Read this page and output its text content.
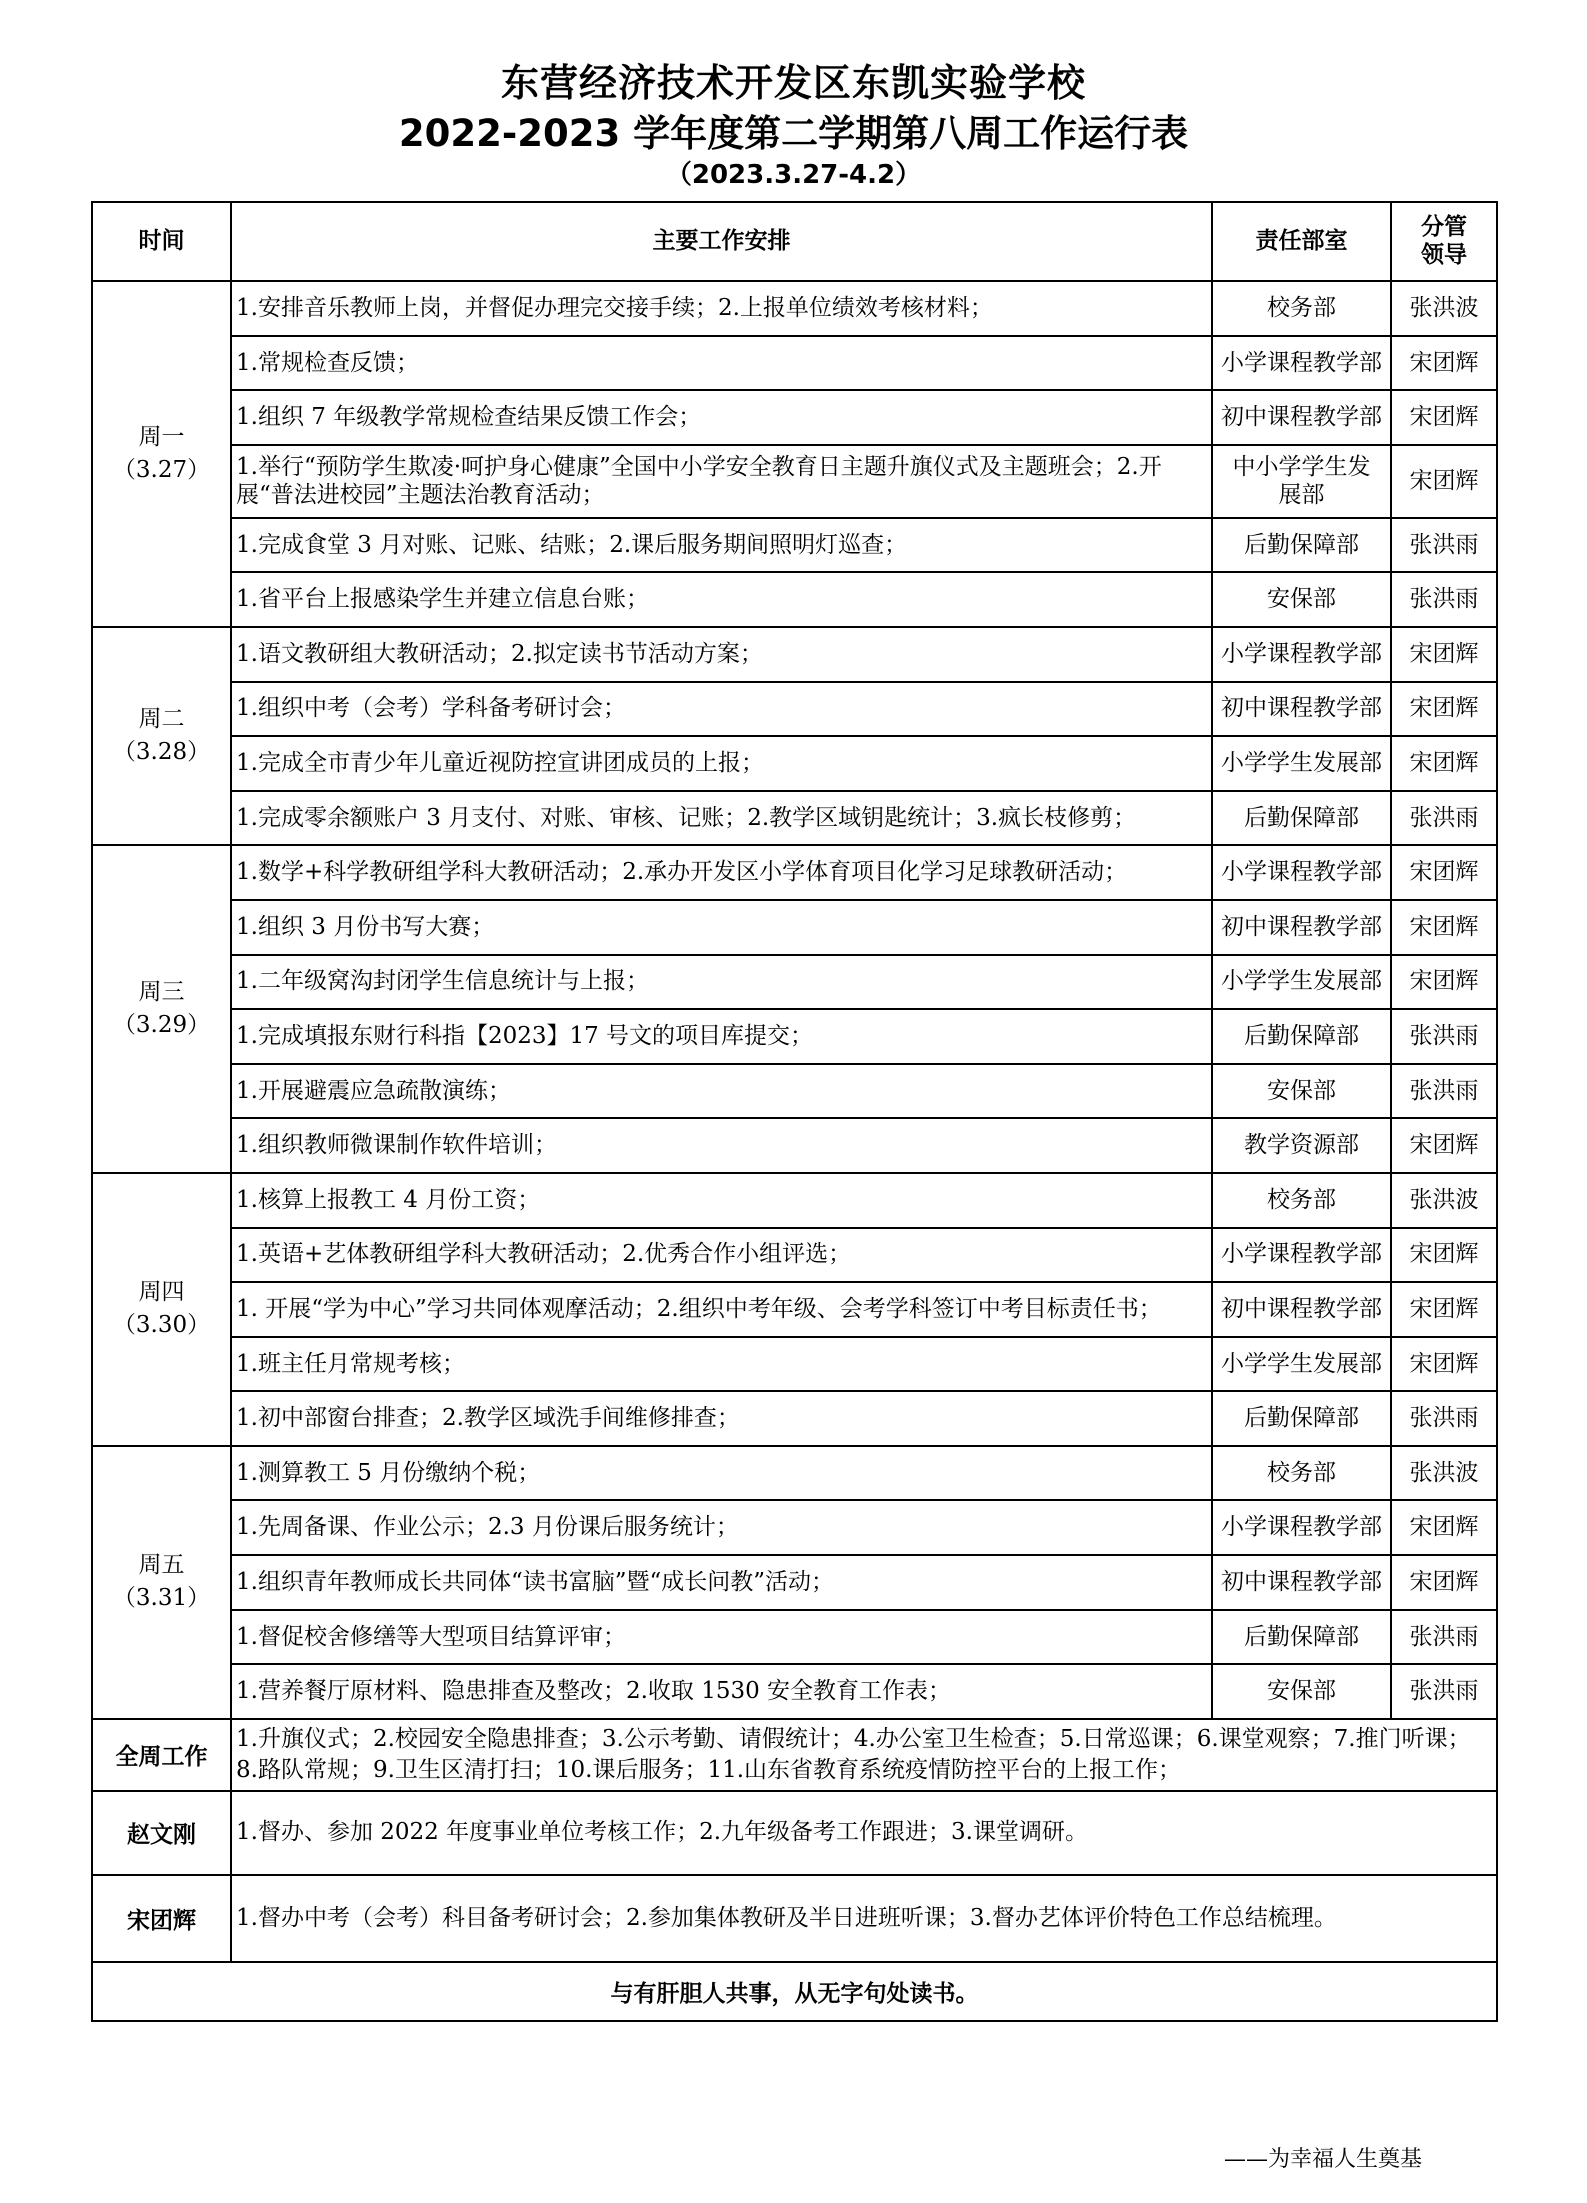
东营经济技术开发区东凯实验学校
2022-2023 学年度第二学期第八周工作运行表
（2023.3.27-4.2）
时间	主要工作安排	责任部室	分管
领导

周一
（3.27）	1.安排音乐教师上岗，并督促办理完交接手续；2.上报单位绩效考核材料；	校务部	张洪波
	1.常规检查反馈；	小学课程教学部	宋团辉
	1.组织 7 年级教学常规检查结果反馈工作会；	初中课程教学部	宋团辉
	1.举行“预防学生欺凌·呵护身心健康”全国中小学安全教育日主题升旗仪式及主题班会；2.开展“普法进校园”主题法治教育活动；	中小学学生发展部	宋团辉
	1.完成食堂 3 月对账、记账、结账；2.课后服务期间照明灯巡查；	后勤保障部	张洪雨
	1.省平台上报感染学生并建立信息台账；	安保部	张洪雨

周二
（3.28）	1.语文教研组大教研活动；2.拟定读书节活动方案；	小学课程教学部	宋团辉
	1.组织中考（会考）学科备考研讨会；	初中课程教学部	宋团辉
	1.完成全市青少年儿童近视防控宣讲团成员的上报；	小学学生发展部	宋团辉
	1.完成零余额账户 3 月支付、对账、审核、记账；2.教学区域钥匙统计；3.疯长枝修剪；	后勤保障部	张洪雨

周三
（3.29）	1.数学+科学教研组学科大教研活动；2.承办开发区小学体育项目化学习足球教研活动；	小学课程教学部	宋团辉
	1.组织 3 月份书写大赛；	初中课程教学部	宋团辉
	1.二年级窝沟封闭学生信息统计与上报；	小学学生发展部	宋团辉
	1.完成填报东财行科指【2023】17 号文的项目库提交；	后勤保障部	张洪雨
	1.开展避震应急疏散演练；	安保部	张洪雨
	1.组织教师微课制作软件培训；	教学资源部	宋团辉

周四
（3.30）	1.核算上报教工 4 月份工资；	校务部	张洪波
	1.英语+艺体教研组学科大教研活动；2.优秀合作小组评选；	小学课程教学部	宋团辉
	1. 开展“学为中心”学习共同体观摩活动；2.组织中考年级、会考学科签订中考目标责任书；	初中课程教学部	宋团辉
	1.班主任月常规考核；	小学学生发展部	宋团辉
	1.初中部窗台排查；2.教学区域洗手间维修排查；	后勤保障部	张洪雨

周五
（3.31）	1.测算教工 5 月份缴纳个税；	校务部	张洪波
	1.先周备课、作业公示；2.3 月份课后服务统计；	小学课程教学部	宋团辉
	1.组织青年教师成长共同体“读书富脑”暨“成长问教”活动；	初中课程教学部	宋团辉
	1.督促校舍修缮等大型项目结算评审；	后勤保障部	张洪雨
	1.营养餐厅原材料、隐患排查及整改；2.收取 1530 安全教育工作表；	安保部	张洪雨
全周工作	1.升旗仪式；2.校园安全隐患排查；3.公示考勤、请假统计；4.办公室卫生检查；5.日常巡课；6.课堂观察；7.推门听课；8.路队常规；9.卫生区清打扫；10.课后服务；11.山东省教育系统疫情防控平台的上报工作；		
赵文刚	1.督办、参加 2022 年度事业单位考核工作；2.九年级备考工作跟进；3.课堂调研。		
宋团辉	1.督办中考（会考）科目备考研讨会；2.参加集体教研及半日进班听课；3.督办艺体评价特色工作总结梳理。		
与有肝胆人共事，从无字句处读书。			
——为幸福人生奠基
